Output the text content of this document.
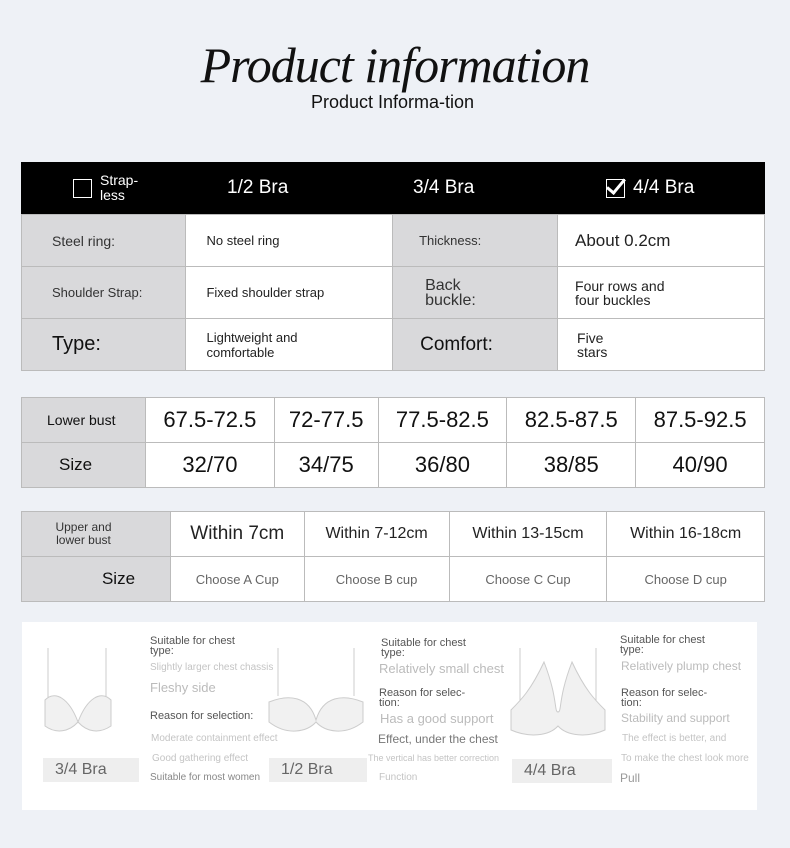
Product information
Product Informa-tion
Strap-less	1/2 Bra	3/4 Bra	4/4 Bra
Steel ring:	No steel ring	Thickness:	About 0.2cm
Shoulder Strap:	Fixed shoulder strap	Back buckle:	Four rows and four buckles
Type:	Lightweight and comfortable	Comfort:	Five stars
Lower bust	67.5-72.5	72-77.5	77.5-82.5	82.5-87.5	87.5-92.5
Size	32/70	34/75	36/80	38/85	40/90
Upper and lower bust	Within 7cm	Within 7-12cm	Within 13-15cm	Within 16-18cm
Size	Choose A Cup	Choose B cup	Choose C Cup	Choose D cup
3/4 Bra	1/2 Bra	4/4 Bra
Suitable for chest type:
Slightly larger chest chassis
Fleshy side
Reason for selection:
Moderate containment effect
Good gathering effect
Suitable for most women
Suitable for chest type:
Relatively small chest
Reason for selec-tion:
Has a good support
Effect, under the chest
The vertical has better correction
Function
Suitable for chest type:
Relatively plump chest
Reason for selec-tion:
Stability and support
The effect is better, and
To make the chest look more
Pull
